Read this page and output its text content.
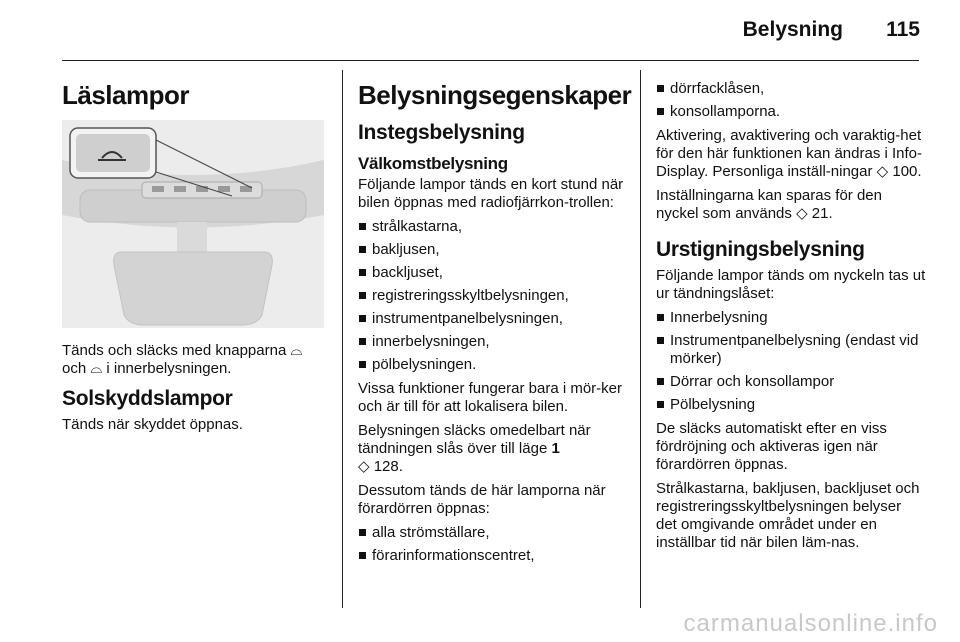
Belysning 115
Läslampor

Tänds och släcks med knapparna ⌓ och ⌓ i innerbelysningen.

Solskyddslampor

Tänds när skyddet öppnas.

Belysningsegenskaper
Instegsbelysning
Välkomstbelysning

Följande lampor tänds en kort stund när bilen öppnas med radiofjärrkon-trollen:

strålkastarna,
bakljusen,
backljuset,
registreringsskyltbelysningen,
instrumentpanelbelysningen,
innerbelysningen,
pölbelysningen.

Vissa funktioner fungerar bara i mör-ker och är till för att lokalisera bilen.

Belysningen släcks omedelbart när tändningen slås över till läge 1
◇ 128.

Dessutom tänds de här lamporna när förardörren öppnas:

alla strömställare,
förarinformationscentret,
dörrfacklåsen,
konsollamporna.

Aktivering, avaktivering och varaktig-het för den här funktionen kan ändras i Info-Display. Personliga inställ-ningar ◇ 100.

Inställningarna kan sparas för den nyckel som används ◇ 21.

Urstigningsbelysning

Följande lampor tänds om nyckeln tas ut ur tändningslåset:

Innerbelysning
Instrumentpanelbelysning (endast vid mörker)
Dörrar och konsollampor
Pölbelysning

De släcks automatiskt efter en viss fördröjning och aktiveras igen när förardörren öppnas.

Strålkastarna, bakljusen, backljuset och registreringsskyltbelysningen belyser det omgivande området under en inställbar tid när bilen läm-nas.

carmanualsonline.info
